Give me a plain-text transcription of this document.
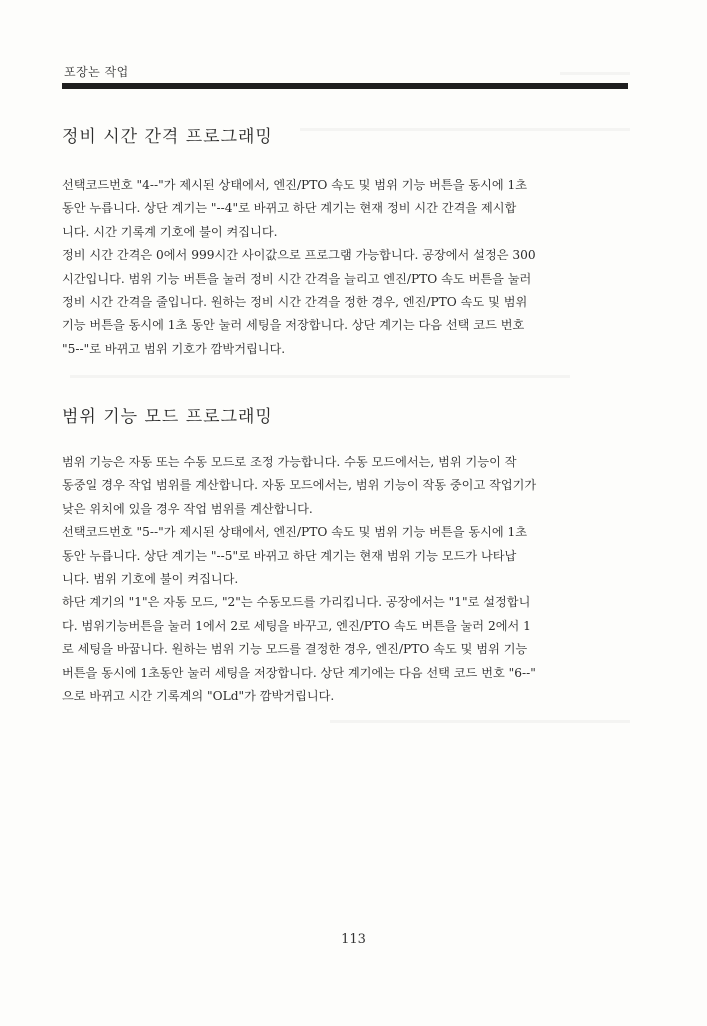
포장논 작업
정비 시간 간격 프로그래밍

선택코드번호 "4--"가 제시된 상태에서, 엔진/PTO 속도 및 범위 기능 버튼을 동시에 1초
동안 누릅니다. 상단 계기는 "--4"로 바뀌고 하단 계기는 현재 정비 시간 간격을 제시합
니다. 시간 기록계 기호에 불이 켜집니다.
정비 시간 간격은 0에서 999시간 사이값으로 프로그램 가능합니다. 공장에서 설정은 300
시간입니다. 범위 기능 버튼을 눌러 정비 시간 간격을 늘리고 엔진/PTO 속도 버튼을 눌러
정비 시간 간격을 줄입니다. 원하는 정비 시간 간격을 정한 경우, 엔진/PTO 속도 및 범위
기능 버튼을 동시에 1초 동안 눌러 세팅을 저장합니다. 상단 계기는 다음 선택 코드 번호
"5--"로 바뀌고 범위 기호가 깜박거립니다.

범위 기능 모드 프로그래밍

범위 기능은 자동 또는 수동 모드로 조정 가능합니다. 수동 모드에서는, 범위 기능이 작
동중일 경우 작업 범위를 계산합니다. 자동 모드에서는, 범위 기능이 작동 중이고 작업기가
낮은 위치에 있을 경우 작업 범위를 계산합니다.
선택코드번호 "5--"가 제시된 상태에서, 엔진/PTO 속도 및 범위 기능 버튼을 동시에 1초
동안 누릅니다. 상단 계기는 "--5"로 바뀌고 하단 계기는 현재 범위 기능 모드가 나타납
니다. 범위 기호에 불이 켜집니다.
하단 계기의 "1"은 자동 모드, "2"는 수동모드를 가리킵니다. 공장에서는 "1"로 설정합니
다. 범위기능버튼을 눌러 1에서 2로 세팅을 바꾸고, 엔진/PTO 속도 버튼을 눌러 2에서 1
로 세팅을 바꿉니다. 원하는 범위 기능 모드를 결정한 경우, 엔진/PTO 속도 및 범위 기능
버튼을 동시에 1초동안 눌러 세팅을 저장합니다. 상단 계기에는 다음 선택 코드 번호 "6--"
으로 바뀌고 시간 기록계의 "OLd"가 깜박거립니다.

113
